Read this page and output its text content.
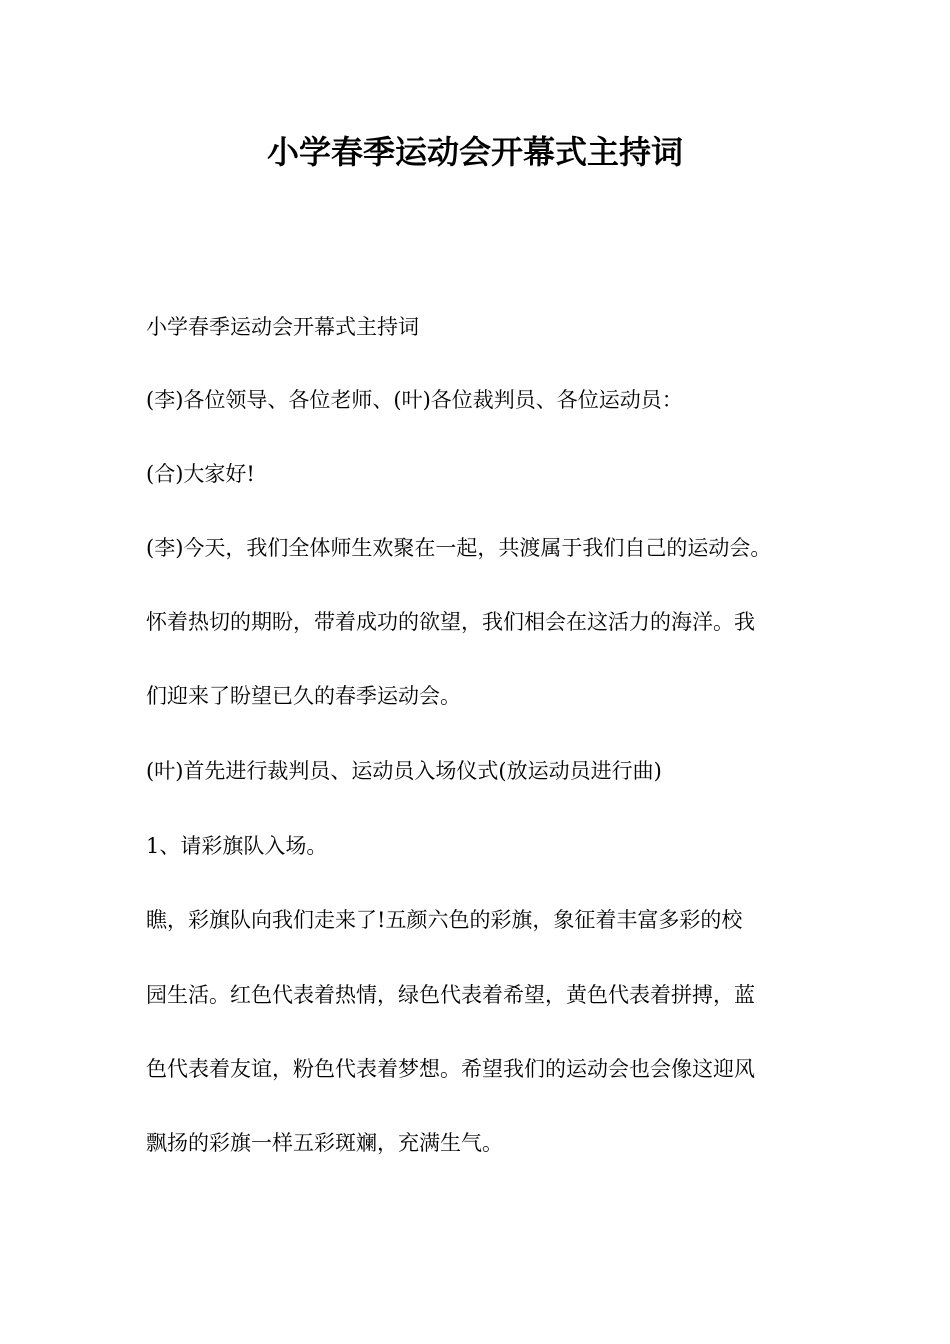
小学春季运动会开幕式主持词

小学春季运动会开幕式主持词

(李)各位领导、各位老师、(叶)各位裁判员、各位运动员：

(合)大家好!

(李)今天，我们全体师生欢聚在一起，共渡属于我们自己的运动会。

怀着热切的期盼，带着成功的欲望，我们相会在这活力的海洋。我

们迎来了盼望已久的春季运动会。

(叶)首先进行裁判员、运动员入场仪式(放运动员进行曲)

1、请彩旗队入场。

瞧，彩旗队向我们走来了!五颜六色的彩旗，象征着丰富多彩的校

园生活。红色代表着热情，绿色代表着希望，黄色代表着拼搏，蓝

色代表着友谊，粉色代表着梦想。希望我们的运动会也会像这迎风

飘扬的彩旗一样五彩斑斓，充满生气。
